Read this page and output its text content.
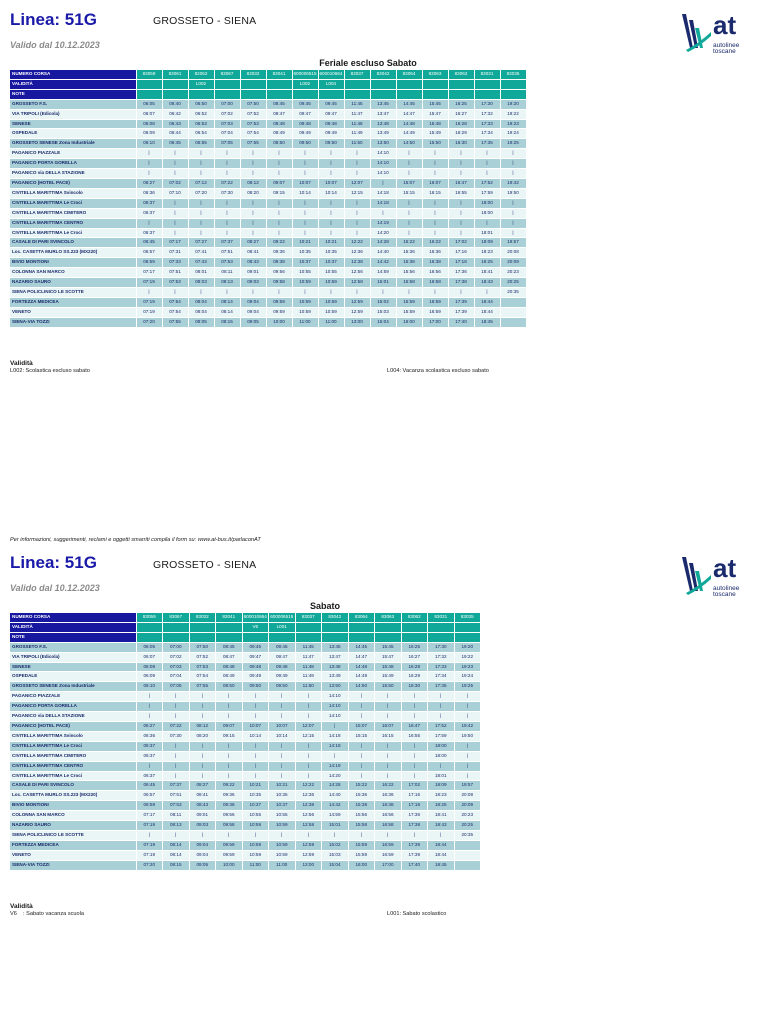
Linea: 51G	GROSSETO - SIENA
Valido dal 10.12.2023
at
autolinee
toscane
Feriale escluso Sabato
NUMERO CORSA	83059	83061	82052	83067	83032	83041	600006515	600010664	83037	83042	83064	83063	83062	83031	83035
VALIDITÀ			L002				L002	L004							
NOTE															
GROSSETO F.S.	06:05	06:40	06:50	07:00	07:50	08:45	09:45	09:45	11:45	13:45	14:45	15:45	16:25	17:30	19:20
VIA TRIPOLI (Edicola)	06:07	06:42	06:52	07:02	07:52	08:47	09:47	09:47	11:47	13:47	14:47	15:47	16:27	17:32	19:22
SENESE	06:08	06:43	06:53	07:03	07:53	08:48	09:48	09:48	11:48	13:48	14:48	15:48	16:28	17:33	19:23
OSPEDALE	06:09	06:44	06:54	07:04	07:54	08:49	09:49	09:49	11:49	13:49	14:49	15:49	16:29	17:34	19:24
GROSSETO SENESE Zona Industriale	06:10	06:45	06:55	07:05	07:55	08:50	09:50	09:50	11:50	13:50	14:50	15:50	16:30	17:35	19:25
PAGANICO PIAZZALE	|	|	|	|	|	|	|	|	|	14:10	|	|	|	|	|
PAGANICO PORTA GORELLA	|	|	|	|	|	|	|	|	|	14:10	|	|	|	|	|
PAGANICO via DELLA STAZIONE	|	|	|	|	|	|	|	|	|	14:10	|	|	|	|	|
PAGANICO (HOTEL PACE)	06:27	07:02	07:12	07:22	08:12	09:07	10:07	10:07	12:07	|	15:07	16:07	16:47	17:52	19:42
CIVITELLA MARITTIMA Svincolo	06:36	07:10	07:20	07:30	08:20	09:15	10:14	10:14	12:15	14:18	15:15	16:15	16:55	17:59	19:50
CIVITELLA MARITTIMA Le Croci	06:37	|	|	|	|	|	|	|	|	14:18	|	|	|	18:00	|
CIVITELLA MARITTIMA CIMITERO	06:37	|	|	|	|	|	|	|	|	|	|	|	|	18:00	|
CIVITELLA MARITTIMA CENTRO	|	|	|	|	|	|	|	|	|	14:19	|	|	|	|	|
CIVITELLA MARITTIMA Le Croci	06:37	|	|	|	|	|	|	|	|	14:20	|	|	|	18:01	|
CASALE DI PARI SVINCOLO	06:45	07:17	07:27	07:37	08:27	09:22	10:21	10:21	12:22	14:28	15:22	16:22	17:02	18:09	19:57
Loc. CASETTA MURLO SS.223 (MX220)	06:57	07:31	07:41	07:51	08:41	09:36	10:35	10:35	12:36	14:40	15:36	16:36	17:16	18:23	20:08
BIVIO MONTIONI	06:59	07:33	07:43	07:53	08:43	09:38	10:37	10:37	12:38	14:42	15:38	16:38	17:18	18:25	20:09
COLONNA SAN MARCO	07:17	07:51	08:01	08:11	09:01	09:56	10:55	10:55	12:56	14:59	15:56	16:56	17:36	18:41	20:23
NAZARIO SAURO	07:19	07:53	08:03	08:13	09:03	09:58	10:59	10:59	12:58	15:01	15:58	16:58	17:38	18:43	20:25
SIENA POLICLINICO LE SCOTTE	|	|	|	|	|	|	|	|	|	|	|	|	|	|	20:35
FORTEZZA MEDICEA	07:19	07:54	08:04	08:14	09:04	09:59	10:59	10:59	12:59	15:02	15:59	16:59	17:39	18:44	
VENETO	07:19	07:54	08:04	08:14	09:04	09:59	10:59	10:59	12:59	15:03	15:59	16:59	17:39	18:44	
SIENA-VIA TOZZI	07:20	07:55	08:05	08:15	09:05	10:00	11:00	11:00	13:00	15:04	16:00	17:00	17:40	18:45	
Validità
L002: Scolastica escluso sabato	L004: Vacanza scolastica escluso sabato
Per informazioni, suggerimenti, reclami e oggetti smarriti compila il form su: www.at-bus.it/parlaconAT
Linea: 51G	GROSSETO - SIENA
Valido dal 10.12.2023
at
autolinee
toscane
Sabato
NUMERO CORSA	83059	83067	83032	83041	600010664	600006515	83037	83042	83064	83063	83062	83031	83035
VALIDITÀ					V6	L001							
NOTE													
GROSSETO F.S.	06:05	07:00	07:50	08:45	09:45	09:45	11:45	13:45	14:45	15:45	16:25	17:30	19:20
VIA TRIPOLI (Edicola)	06:07	07:02	07:52	08:47	09:47	09:47	11:47	13:47	14:47	15:47	16:27	17:32	19:22
SENESE	06:08	07:03	07:53	08:48	09:48	09:48	11:48	13:48	14:48	15:48	16:28	17:33	19:23
OSPEDALE	06:09	07:04	07:54	08:49	09:49	09:49	11:49	13:49	14:49	15:49	16:29	17:34	19:24
GROSSETO SENESE Zona Industriale	06:10	07:05	07:55	08:50	09:50	09:50	11:50	13:50	14:50	15:50	16:30	17:35	19:25
PAGANICO PIAZZALE	|	|	|	|	|	|	|	14:10	|	|	|	|	|
PAGANICO PORTA GORELLA	|	|	|	|	|	|	|	14:10	|	|	|	|	|
PAGANICO via DELLA STAZIONE	|	|	|	|	|	|	|	14:10	|	|	|	|	|
PAGANICO (HOTEL PACE)	06:27	07:22	08:12	09:07	10:07	10:07	12:07	|	15:07	16:07	16:47	17:52	19:42
CIVITELLA MARITTIMA Svincolo	06:36	07:30	08:20	09:15	10:14	10:14	12:15	14:18	15:15	16:15	16:55	17:59	19:50
CIVITELLA MARITTIMA Le Croci	06:37	|	|	|	|	|	|	14:18	|	|	|	18:00	|
CIVITELLA MARITTIMA CIMITERO	06:37	|	|	|	|	|	|	|	|	|	|	18:00	|
CIVITELLA MARITTIMA CENTRO	|	|	|	|	|	|	|	14:19	|	|	|	|	|
CIVITELLA MARITTIMA Le Croci	06:37	|	|	|	|	|	|	14:20	|	|	|	18:01	|
CASALE DI PARI SVINCOLO	06:45	07:37	08:27	09:22	10:21	10:21	12:22	14:28	15:22	16:22	17:02	18:09	19:57
Loc. CASETTA MURLO SS.223 (MX220)	06:57	07:51	08:41	09:36	10:35	10:35	12:36	14:40	15:36	16:36	17:16	18:23	20:08
BIVIO MONTIONI	06:59	07:53	08:43	09:38	10:37	10:37	12:38	14:42	15:38	16:38	17:18	18:25	20:09
COLONNA SAN MARCO	07:17	08:11	09:01	09:56	10:55	10:55	12:56	14:59	15:56	16:56	17:36	18:41	20:23
NAZARIO SAURO	07:19	08:13	09:03	09:58	10:59	10:59	12:58	15:01	15:58	16:58	17:38	18:43	20:25
SIENA POLICLINICO LE SCOTTE	|	|	|	|	|	|	|	|	|	|	|	|	20:35
FORTEZZA MEDICEA	07:19	08:14	09:04	09:59	10:59	10:59	12:59	15:02	15:59	16:59	17:39	18:44	
VENETO	07:19	08:14	09:04	09:59	10:59	10:59	12:59	15:03	15:59	16:59	17:39	18:44	
SIENA-VIA TOZZI	07:20	08:15	09:05	10:00	11:00	11:00	13:00	15:04	16:00	17:00	17:40	18:45	
Validità
V6    : Sabato vacanza scuola	L001: Sabato scolastico
